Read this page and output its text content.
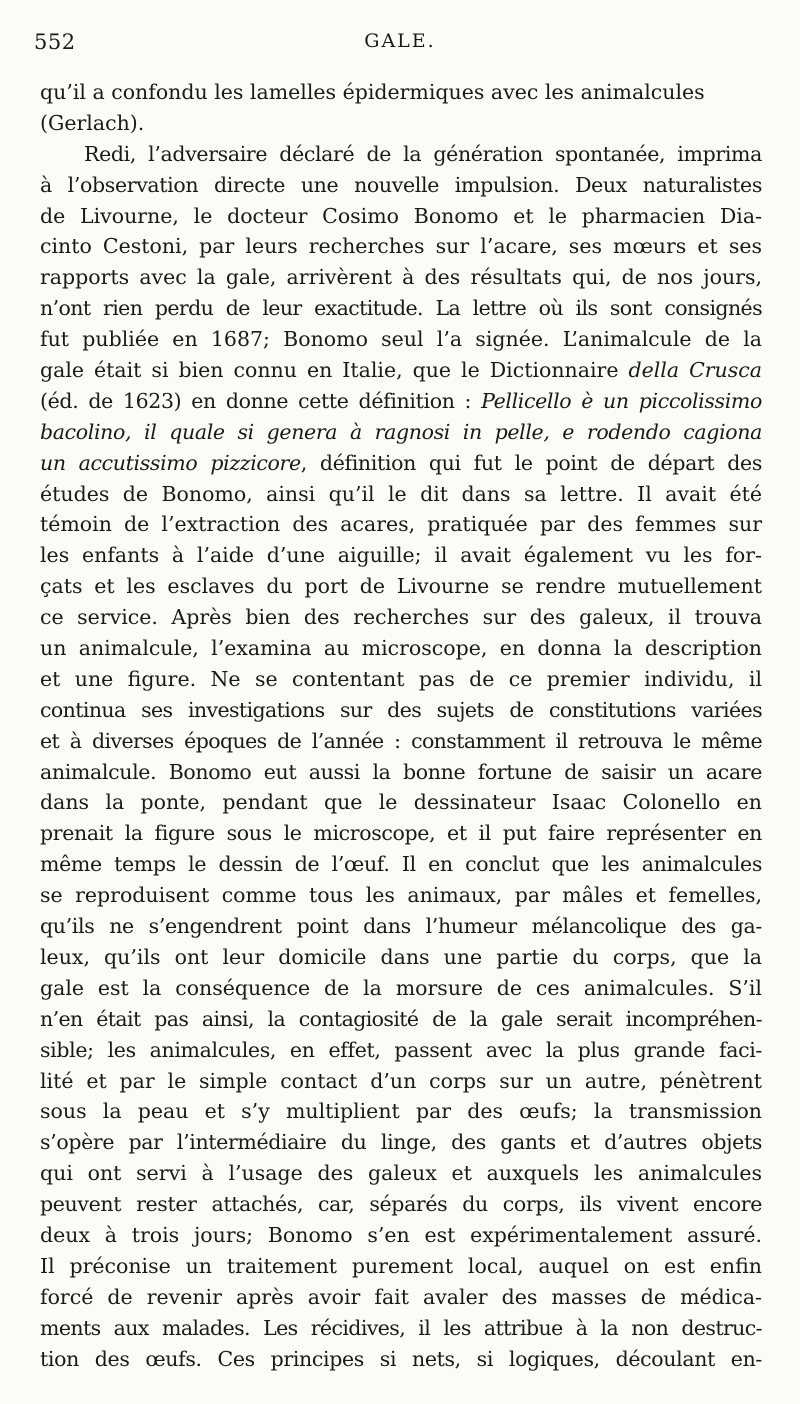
552	GALE.
qu’il a confondu les lamelles épidermiques avec les animalcules
(Gerlach).
Redi, l’adversaire déclaré de la génération spontanée, imprima
à l’observation directe une nouvelle impulsion. Deux naturalistes
de Livourne, le docteur Cosimo Bonomo et le pharmacien Dia-
cinto Cestoni, par leurs recherches sur l’acare, ses mœurs et ses
rapports avec la gale, arrivèrent à des résultats qui, de nos jours,
n’ont rien perdu de leur exactitude. La lettre où ils sont consignés
fut publiée en 1687; Bonomo seul l’a signée. L’animalcule de la
gale était si bien connu en Italie, que le Dictionnaire della Crusca
(éd. de 1623) en donne cette définition : Pellicello è un piccolissimo
bacolino, il quale si genera à ragnosi in pelle, e rodendo cagiona
un accutissimo pizzicore, définition qui fut le point de départ des
études de Bonomo, ainsi qu’il le dit dans sa lettre. Il avait été
témoin de l’extraction des acares, pratiquée par des femmes sur
les enfants à l’aide d’une aiguille; il avait également vu les for-
çats et les esclaves du port de Livourne se rendre mutuellement
ce service. Après bien des recherches sur des galeux, il trouva
un animalcule, l’examina au microscope, en donna la description
et une figure. Ne se contentant pas de ce premier individu, il
continua ses investigations sur des sujets de constitutions variées
et à diverses époques de l’année : constamment il retrouva le même
animalcule. Bonomo eut aussi la bonne fortune de saisir un acare
dans la ponte, pendant que le dessinateur Isaac Colonello en
prenait la figure sous le microscope, et il put faire représenter en
même temps le dessin de l’œuf. Il en conclut que les animalcules
se reproduisent comme tous les animaux, par mâles et femelles,
qu’ils ne s’engendrent point dans l’humeur mélancolique des ga-
leux, qu’ils ont leur domicile dans une partie du corps, que la
gale est la conséquence de la morsure de ces animalcules. S’il
n’en était pas ainsi, la contagiosité de la gale serait incompréhen-
sible; les animalcules, en effet, passent avec la plus grande faci-
lité et par le simple contact d’un corps sur un autre, pénètrent
sous la peau et s’y multiplient par des œufs; la transmission
s’opère par l’intermédiaire du linge, des gants et d’autres objets
qui ont servi à l’usage des galeux et auxquels les animalcules
peuvent rester attachés, car, séparés du corps, ils vivent encore
deux à trois jours; Bonomo s’en est expérimentalement assuré.
Il préconise un traitement purement local, auquel on est enfin
forcé de revenir après avoir fait avaler des masses de médica-
ments aux malades. Les récidives, il les attribue à la non destruc-
tion des œufs. Ces principes si nets, si logiques, découlant en-
